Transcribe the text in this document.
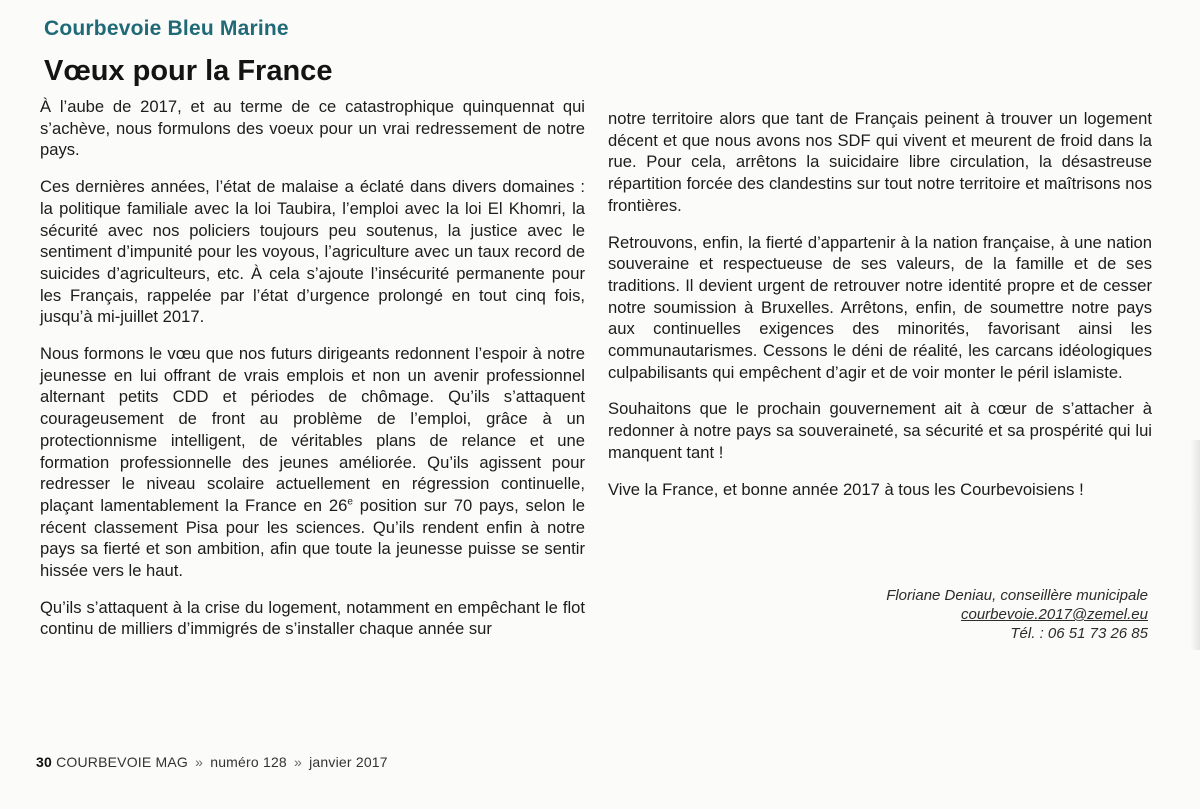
Courbevoie Bleu Marine
Vœux pour la France

À l’aube de 2017, et au terme de ce catastrophique quinquennat qui s’achève, nous formulons des voeux pour un vrai redressement de notre pays.

Ces dernières années, l’état de malaise a éclaté dans divers domaines : la politique familiale avec la loi Taubira, l’emploi avec la loi El Khomri, la sécurité avec nos policiers toujours peu soutenus, la justice avec le sentiment d’impunité pour les voyous, l’agriculture avec un taux record de suicides d’agriculteurs, etc. À cela s’ajoute l’insécurité permanente pour les Français, rappelée par l’état d’urgence prolongé en tout cinq fois, jusqu’à mi-juillet 2017.

Nous formons le vœu que nos futurs dirigeants redonnent l’espoir à notre jeunesse en lui offrant de vrais emplois et non un avenir professionnel alternant petits CDD et périodes de chômage. Qu’ils s’attaquent courageusement de front au problème de l’emploi, grâce à un protectionnisme intelligent, de véritables plans de relance et une formation professionnelle des jeunes améliorée. Qu’ils agissent pour redresser le niveau scolaire actuellement en régression continuelle, plaçant lamentablement la France en 26e position sur 70 pays, selon le récent classement Pisa pour les sciences. Qu’ils rendent enfin à notre pays sa fierté et son ambition, afin que toute la jeunesse puisse se sentir hissée vers le haut.

Qu’ils s’attaquent à la crise du logement, notamment en empêchant le flot continu de milliers d’immigrés de s’installer chaque année sur

notre territoire alors que tant de Français peinent à trouver un logement décent et que nous avons nos SDF qui vivent et meurent de froid dans la rue. Pour cela, arrêtons la suicidaire libre circulation, la désastreuse répartition forcée des clandestins sur tout notre territoire et maîtrisons nos frontières.

Retrouvons, enfin, la fierté d’appartenir à la nation française, à une nation souveraine et respectueuse de ses valeurs, de la famille et de ses traditions. Il devient urgent de retrouver notre identité propre et de cesser notre soumission à Bruxelles. Arrêtons, enfin, de soumettre notre pays aux continuelles exigences des minorités, favorisant ainsi les communautarismes. Cessons le déni de réalité, les carcans idéologiques culpabilisants qui empêchent d’agir et de voir monter le péril islamiste.

Souhaitons que le prochain gouvernement ait à cœur de s’attacher à redonner à notre pays sa souveraineté, sa sécurité et sa prospérité qui lui manquent tant !

Vive la France, et bonne année 2017 à tous les Courbevoisiens !

Floriane Deniau, conseillère municipale
courbevoie.2017@zemel.eu
Tél. : 06 51 73 26 85
30 COURBEVOIE MAG » numéro 128 » janvier 2017
